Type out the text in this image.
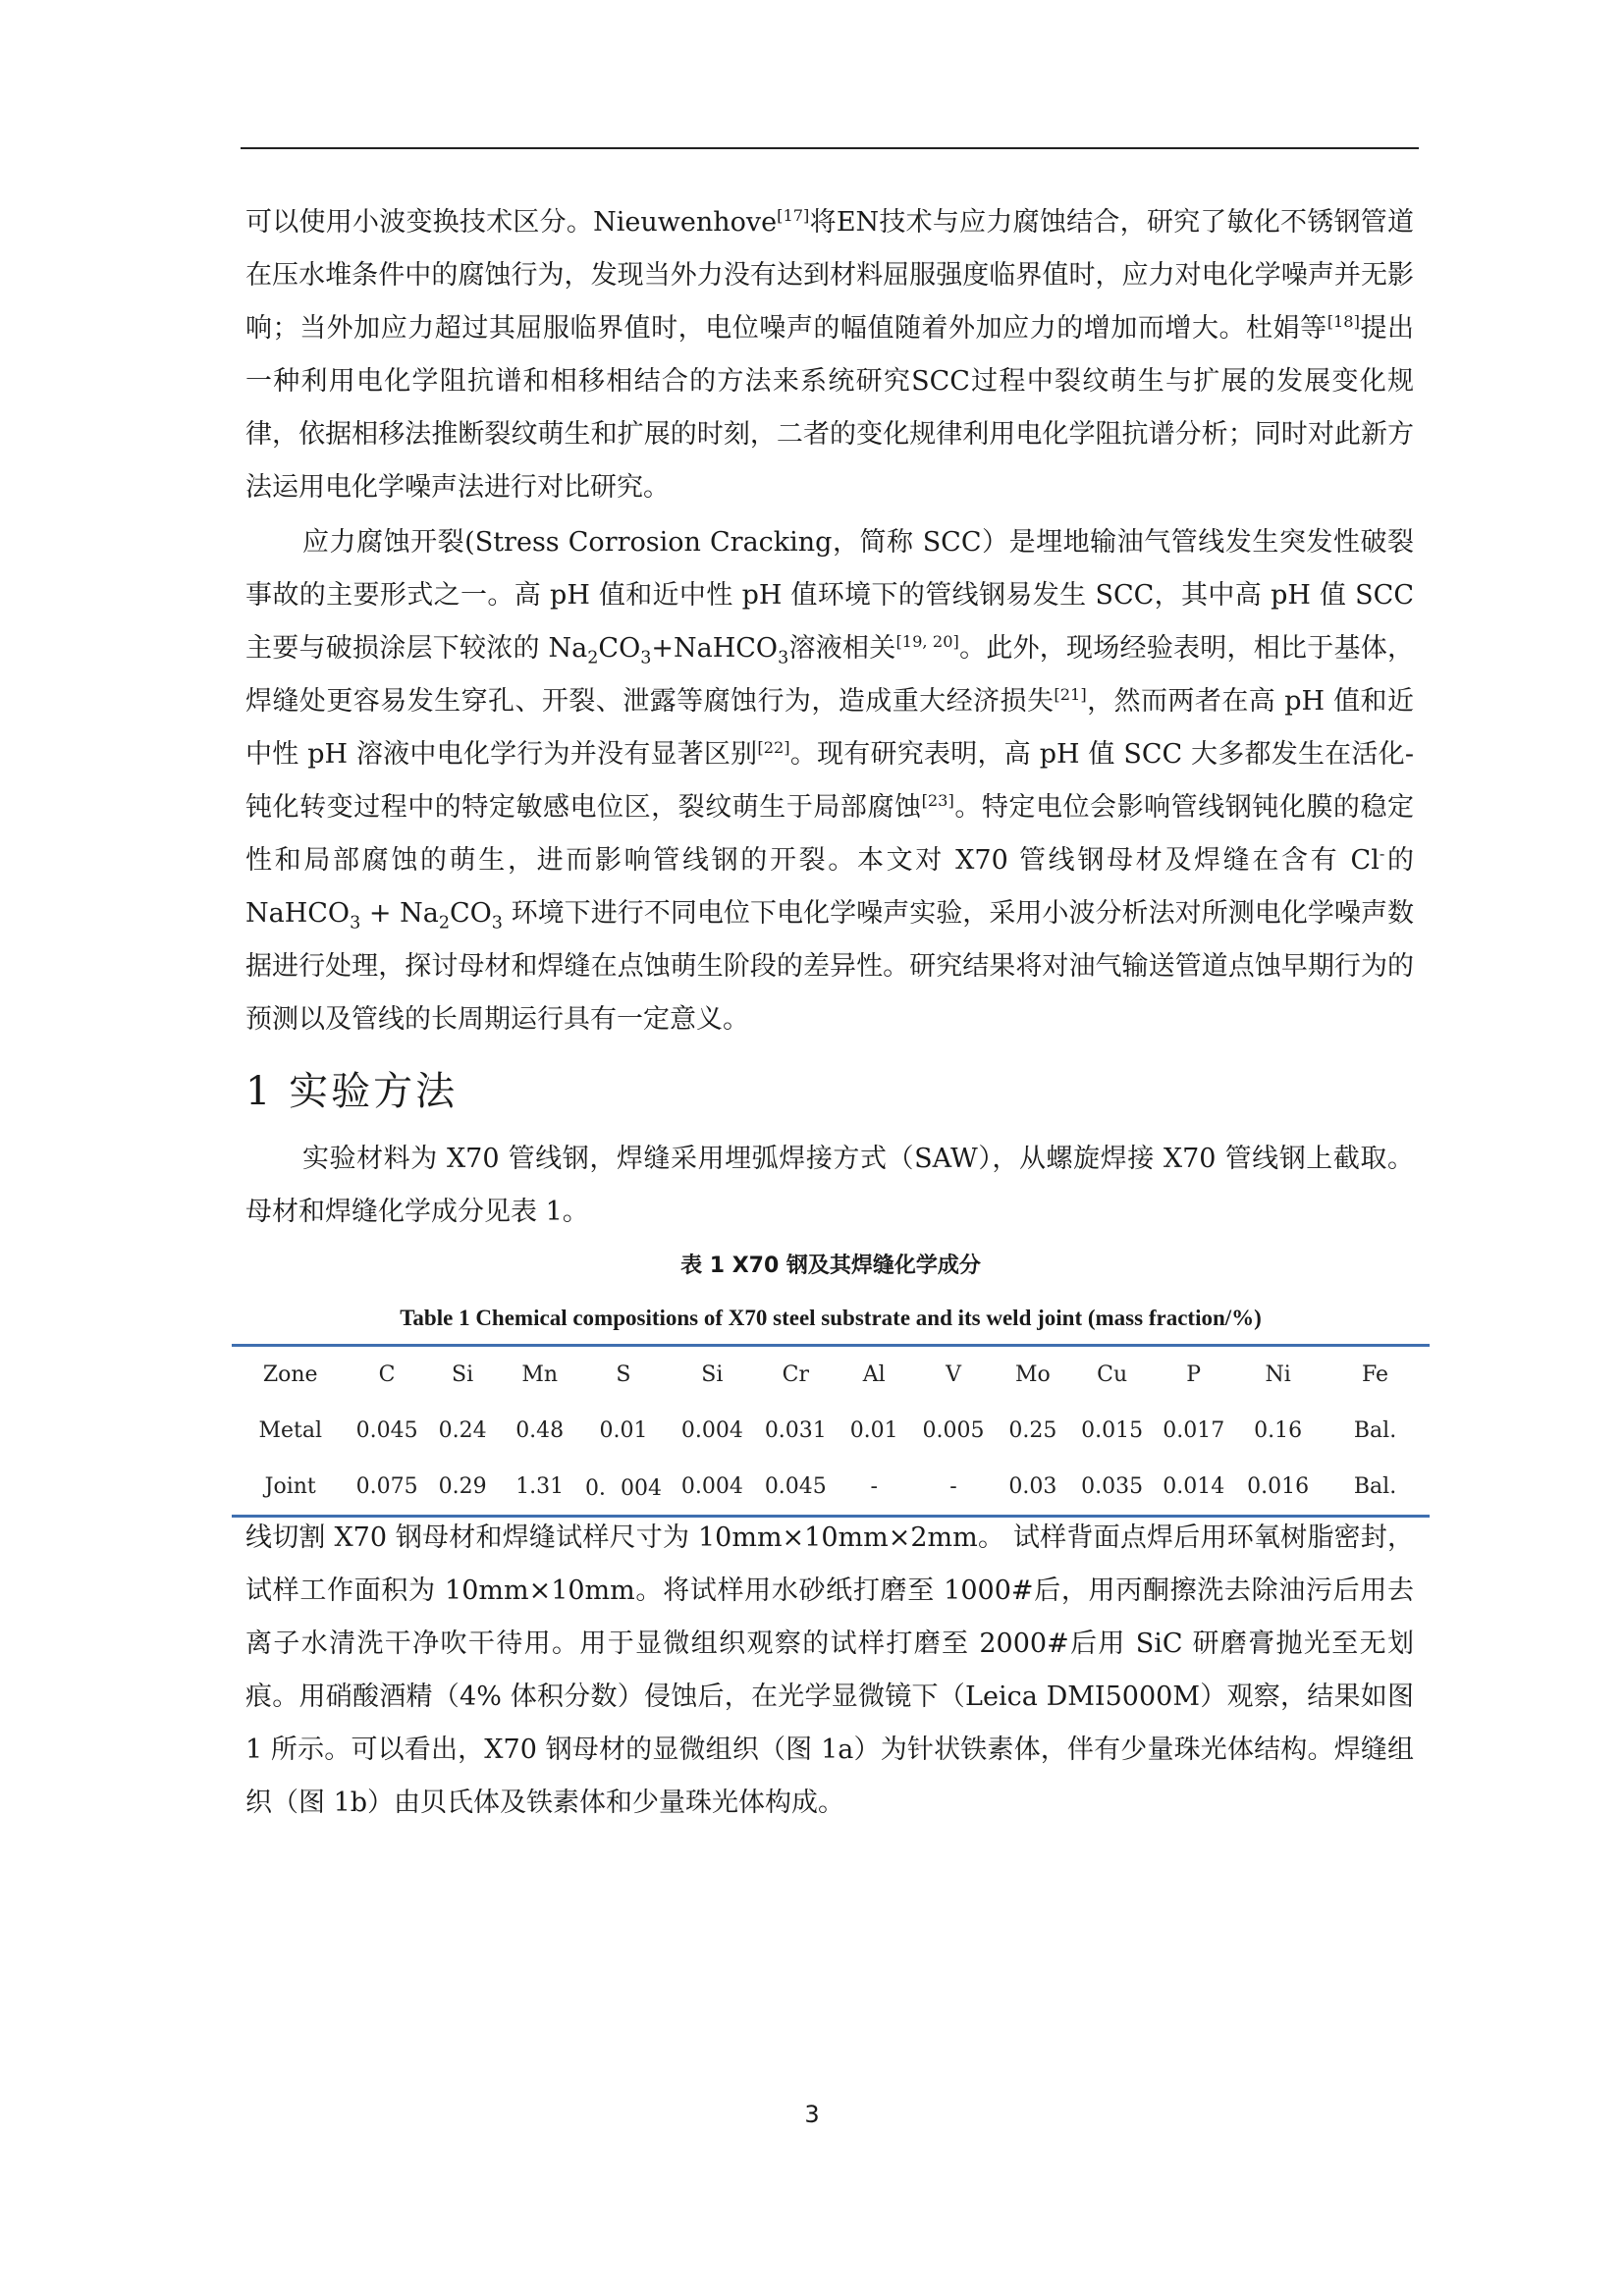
可以使用小波变换技术区分。Nieuwenhove[17]将EN技术与应力腐蚀结合，研究了敏化不锈钢管道在压水堆条件中的腐蚀行为，发现当外力没有达到材料屈服强度临界值时，应力对电化学噪声并无影响；当外加应力超过其屈服临界值时，电位噪声的幅值随着外加应力的增加而增大。杜娟等[18]提出一种利用电化学阻抗谱和相移相结合的方法来系统研究SCC过程中裂纹萌生与扩展的发展变化规律，依据相移法推断裂纹萌生和扩展的时刻，二者的变化规律利用电化学阻抗谱分析；同时对此新方法运用电化学噪声法进行对比研究。

应力腐蚀开裂(Stress Corrosion Cracking，简称 SCC）是埋地输油气管线发生突发性破裂事故的主要形式之一。高 pH 值和近中性 pH 值环境下的管线钢易发生 SCC，其中高 pH 值 SCC 主要与破损涂层下较浓的 $Na_2CO_3+NaHCO_3$溶液相关[19, 20]。此外，现场经验表明，相比于基体，焊缝处更容易发生穿孔、开裂、泄露等腐蚀行为，造成重大经济损失[21]，然而两者在高 pH 值和近中性 pH 溶液中电化学行为并没有显著区别[22]。现有研究表明，高 pH 值 SCC 大多都发生在活化-钝化转变过程中的特定敏感电位区，裂纹萌生于局部腐蚀[23]。特定电位会影响管线钢钝化膜的稳定性和局部腐蚀的萌生，进而影响管线钢的开裂。本文对 X70 管线钢母材及焊缝在含有 Cl-的 NaHCO$_3$ + $Na_2CO_3$ 环境下进行不同电位下电化学噪声实验，采用小波分析法对所测电化学噪声数据进行处理，探讨母材和焊缝在点蚀萌生阶段的差异性。研究结果将对油气输送管道点蚀早期行为的预测以及管线的长周期运行具有一定意义。

1 实验方法

实验材料为 X70 管线钢，焊缝采用埋弧焊接方式（SAW），从螺旋焊接 X70 管线钢上截取。母材和焊缝化学成分见表 1。

表 1 X70 钢及其焊缝化学成分

Table 1 Chemical compositions of X70 steel substrate and its weld joint (mass fraction/%)

Zone	C	Si	Mn	S	Si	Cr	Al	V	Mo	Cu	P	Ni	Fe
Metal	0.045	0.24	0.48	0.01	0.004	0.031	0.01	0.005	0.25	0.015	0.017	0.16	Bal.
Joint	0.075	0.29	1.31	0．004	0.004	0.045	-	-	0.03	0.035	0.014	0.016	Bal.

线切割 X70 钢母材和焊缝试样尺寸为 10mm×10mm×2mm。 试样背面点焊后用环氧树脂密封，试样工作面积为 10mm×10mm。将试样用水砂纸打磨至 1000#后，用丙酮擦洗去除油污后用去离子水清洗干净吹干待用。用于显微组织观察的试样打磨至 2000#后用 SiC 研磨膏抛光至无划痕。用硝酸酒精（4% 体积分数）侵蚀后，在光学显微镜下（Leica DMI5000M）观察，结果如图 1 所示。可以看出，X70 钢母材的显微组织（图 1a）为针状铁素体，伴有少量珠光体结构。焊缝组织（图 1b）由贝氏体及铁素体和少量珠光体构成。

3
